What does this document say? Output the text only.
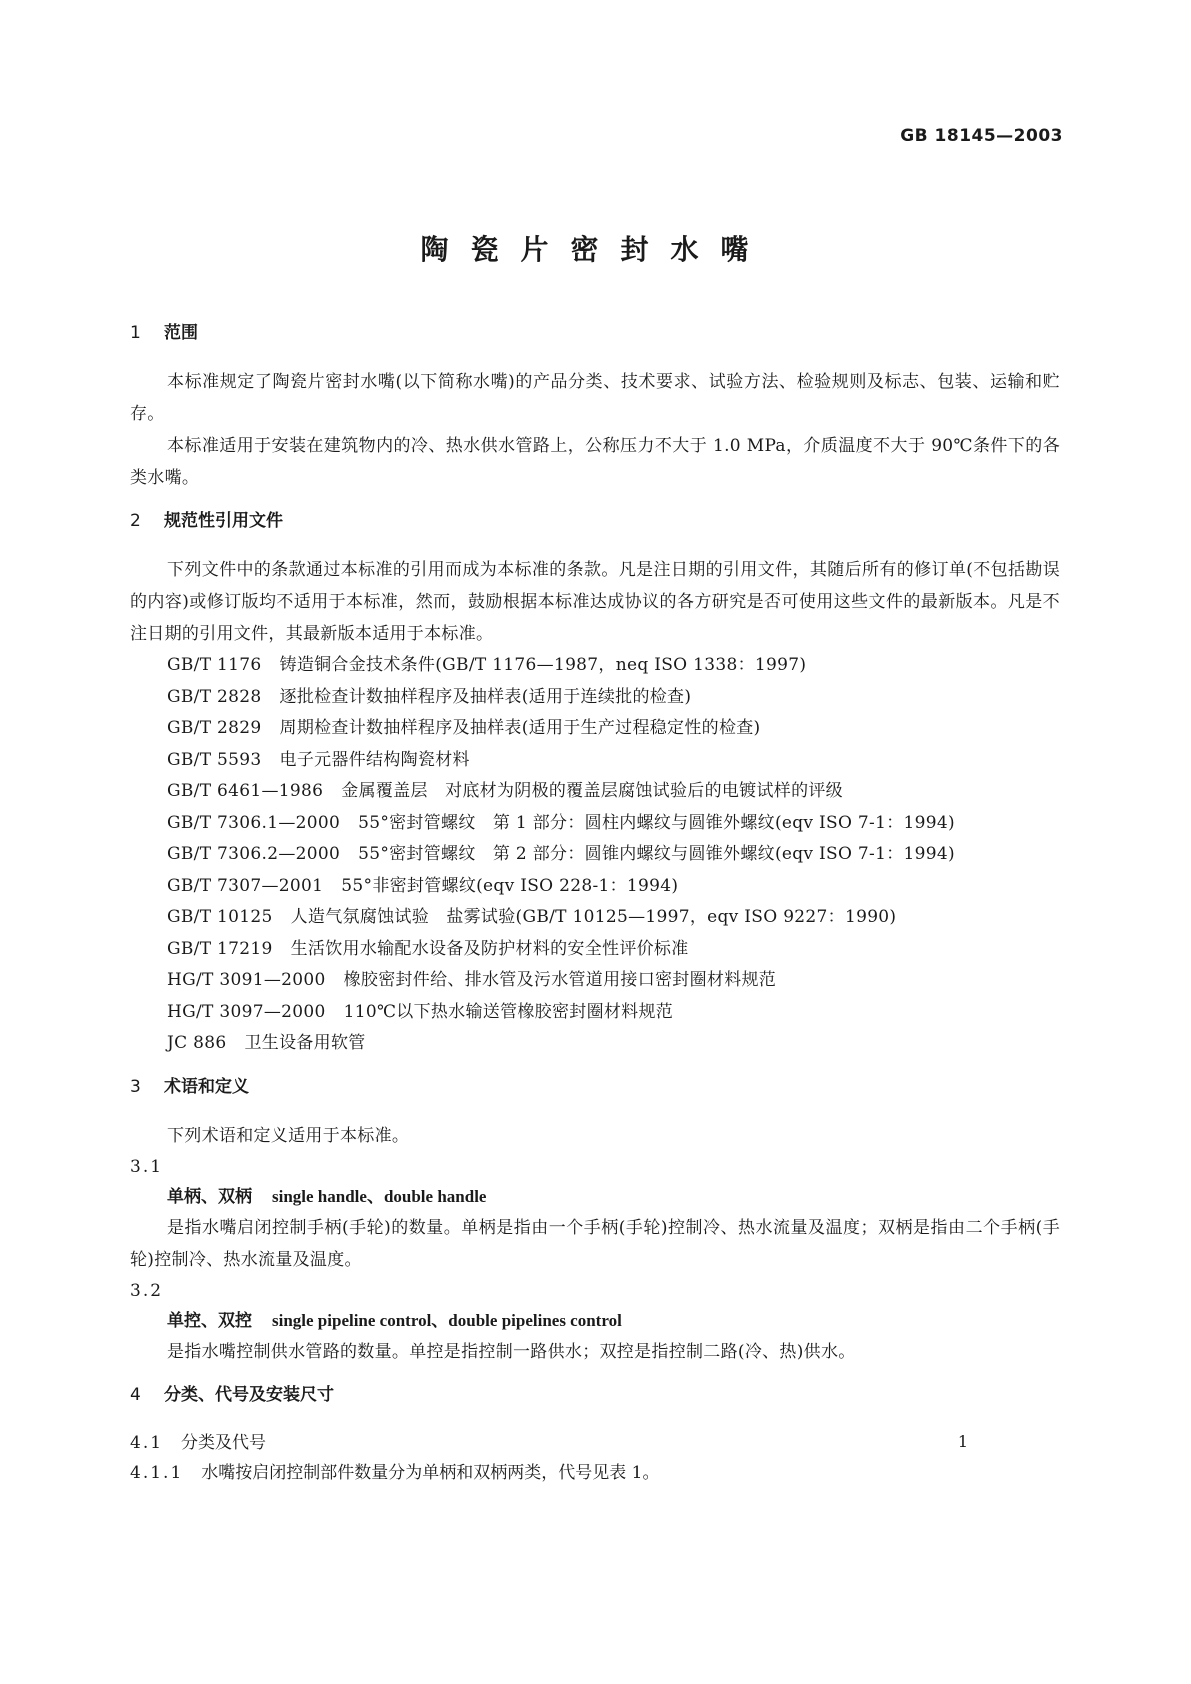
GB 18145—2003
陶瓷片密封水嘴
1 范围

本标准规定了陶瓷片密封水嘴(以下简称水嘴)的产品分类、技术要求、试验方法、检验规则及标志、包装、运输和贮存。

本标准适用于安装在建筑物内的冷、热水供水管路上，公称压力不大于 1.0 MPa，介质温度不大于 90℃条件下的各类水嘴。

2 规范性引用文件

下列文件中的条款通过本标准的引用而成为本标准的条款。凡是注日期的引用文件，其随后所有的修订单(不包括勘误的内容)或修订版均不适用于本标准，然而，鼓励根据本标准达成协议的各方研究是否可使用这些文件的最新版本。凡是不注日期的引用文件，其最新版本适用于本标准。

GB/T 1176 铸造铜合金技术条件(GB/T 1176—1987，neq ISO 1338：1997)
GB/T 2828 逐批检查计数抽样程序及抽样表(适用于连续批的检查)
GB/T 2829 周期检查计数抽样程序及抽样表(适用于生产过程稳定性的检查)
GB/T 5593 电子元器件结构陶瓷材料
GB/T 6461—1986 金属覆盖层　对底材为阴极的覆盖层腐蚀试验后的电镀试样的评级
GB/T 7306.1—2000 55°密封管螺纹　第 1 部分：圆柱内螺纹与圆锥外螺纹(eqv ISO 7-1：1994)
GB/T 7306.2—2000 55°密封管螺纹　第 2 部分：圆锥内螺纹与圆锥外螺纹(eqv ISO 7-1：1994)
GB/T 7307—2001 55°非密封管螺纹(eqv ISO 228-1：1994)
GB/T 10125 人造气氛腐蚀试验　盐雾试验(GB/T 10125—1997，eqv ISO 9227：1990)
GB/T 17219 生活饮用水输配水设备及防护材料的安全性评价标准
HG/T 3091—2000 橡胶密封件给、排水管及污水管道用接口密封圈材料规范
HG/T 3097—2000 110℃以下热水输送管橡胶密封圈材料规范
JC 886 卫生设备用软管
3 术语和定义

下列术语和定义适用于本标准。

3.1

单柄、双柄 single handle、double handle

是指水嘴启闭控制手柄(手轮)的数量。单柄是指由一个手柄(手轮)控制冷、热水流量及温度；双柄是指由二个手柄(手轮)控制冷、热水流量及温度。

3.2

单控、双控 single pipeline control、double pipelines control

是指水嘴控制供水管路的数量。单控是指控制一路供水；双控是指控制二路(冷、热)供水。

4 分类、代号及安装尺寸

4.1 分类及代号

4.1.1 水嘴按启闭控制部件数量分为单柄和双柄两类，代号见表 1。

1
